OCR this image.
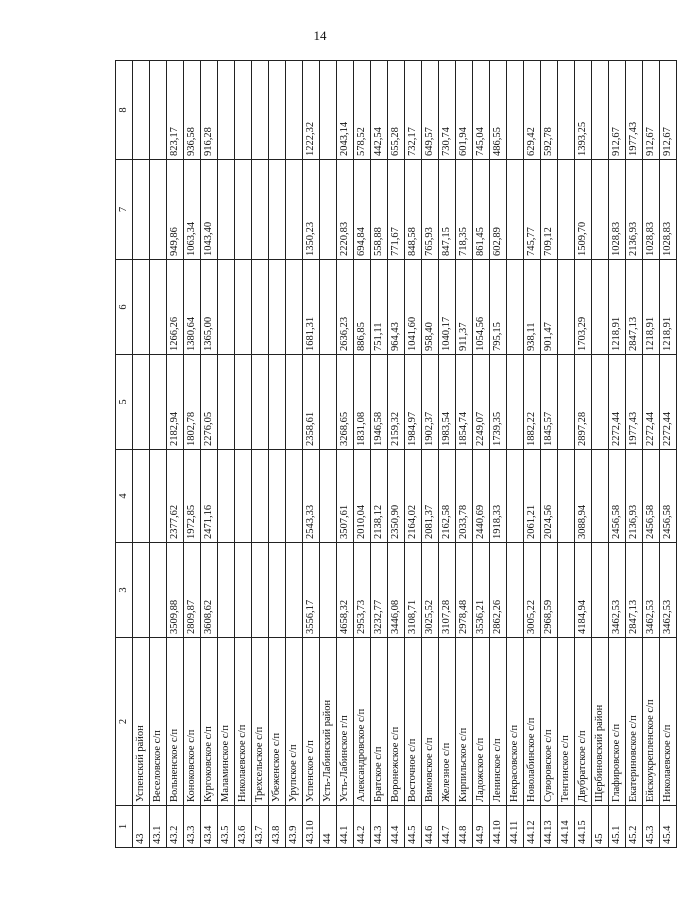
14
1	2	3	4	5	6	7	8
43	Успенский район						
43.1	Веселовское с/п						
43.2	Вольненское с/п	3509,88	2377,62	2182,94	1266,26	949,86	823,17
43.3	Коноковское с/п	2809,87	1972,85	1802,78	1380,64	1063,34	936,58
43.4	Кургоковское с/п	3608,62	2471,16	2276,05	1365,00	1043,40	916,28
43.5	Маламинское с/п						
43.6	Николаевское с/п						
43.7	Трехсельское с/п						
43.8	Убеженское с/п						
43.9	Урупское с/п						
43.10	Успенское с/п	3556,17	2543,33	2358,61	1681,31	1350,23	1222,32
44	Усть-Лабинский район						
44.1	Усть-Лабинское г/п	4658,32	3507,61	3268,65	2636,23	2220,83	2043,14
44.2	Александровское с/п	2953,73	2010,04	1831,08	886,85	694,84	578,52
44.3	Братское с/п	3232,77	2138,12	1946,58	751,11	558,88	442,54
44.4	Воронежское с/п	3446,08	2350,90	2159,32	964,43	771,67	655,28
44.5	Восточное с/п	3108,71	2164,02	1984,97	1041,60	848,58	732,17
44.6	Вимовское с/п	3025,52	2081,37	1902,37	958,40	765,93	649,57
44.7	Железное с/п	3107,28	2162,58	1983,54	1040,17	847,15	730,74
44.8	Кирпильское с/п	2978,48	2033,78	1854,74	911,37	718,35	601,94
44.9	Ладожское с/п	3536,21	2440,69	2249,07	1054,56	861,45	745,04
44.10	Ленинское с/п	2862,26	1918,33	1739,35	795,15	602,89	486,55
44.11	Некрасовское с/п						
44.12	Новолабинское с/п	3005,22	2061,21	1882,22	938,11	745,77	629,42
44.13	Суворовское с/п	2968,59	2024,56	1845,57	901,47	709,12	592,78
44.14	Тенгинское с/п						
44.15	Двубратское с/п	4184,94	3088,94	2897,28	1703,29	1509,70	1393,25
45	Щербиновский район						
45.1	Глафировское с/п	3462,53	2456,58	2272,44	1218,91	1028,83	912,67
45.2	Екатериновское с/п	2847,13	2136,93	1977,43	2847,13	2136,93	1977,43
45.3	Ейскоукрепленское с/п	3462,53	2456,58	2272,44	1218,91	1028,83	912,67
45.4	Николаевское с/п	3462,53	2456,58	2272,44	1218,91	1028,83	912,67
